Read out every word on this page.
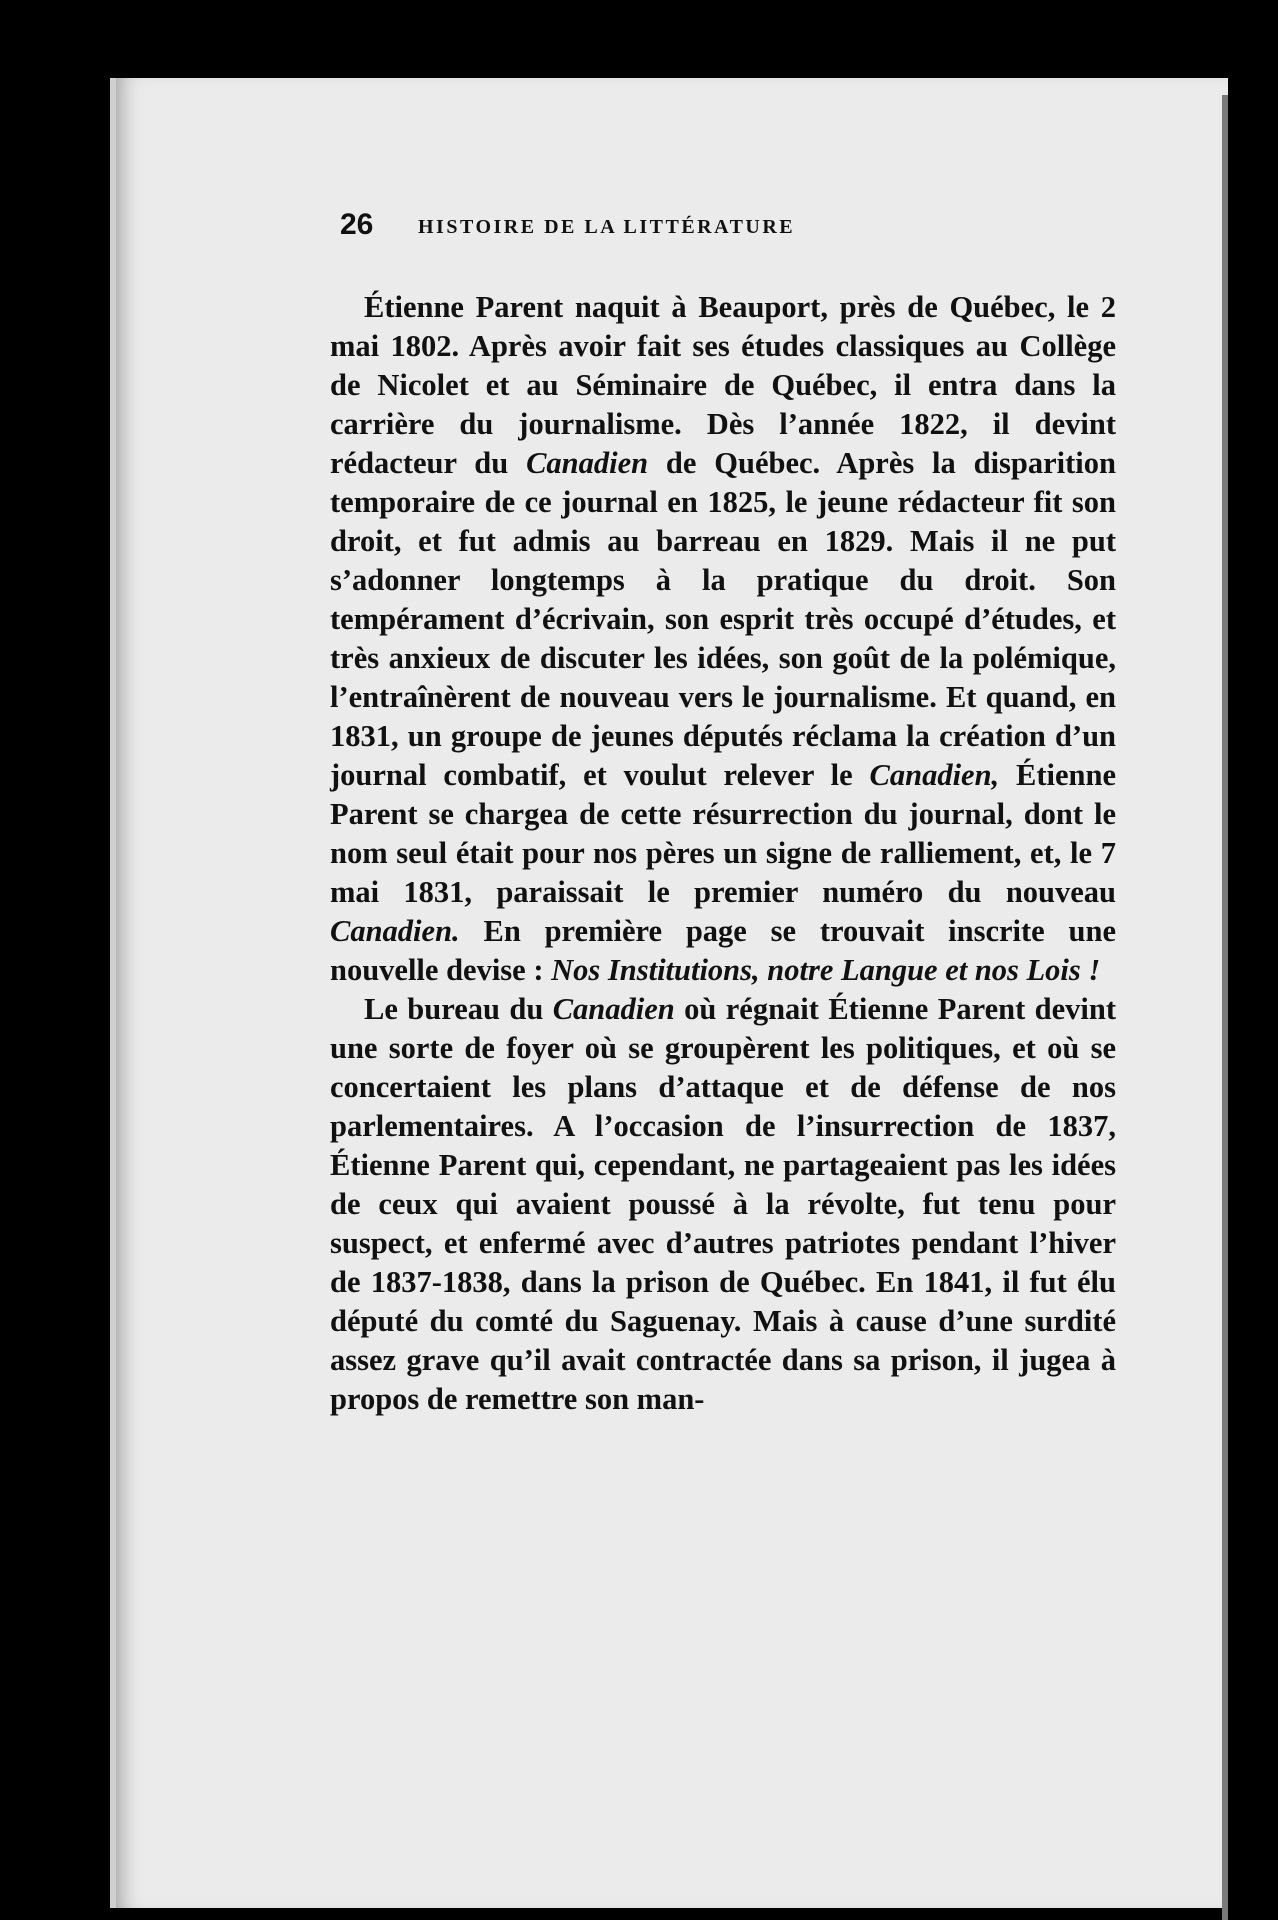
26 HISTOIRE DE LA LITTÉRATURE

Étienne Parent naquit à Beauport, près de Québec, le 2 mai 1802. Après avoir fait ses études classiques au Collège de Nicolet et au Séminaire de Québec, il entra dans la carrière du journalisme. Dès l’année 1822, il devint rédacteur du Canadien de Québec. Après la disparition temporaire de ce journal en 1825, le jeune rédacteur fit son droit, et fut admis au barreau en 1829. Mais il ne put s’adonner longtemps à la pratique du droit. Son tempérament d’écrivain, son esprit très occupé d’études, et très anxieux de discuter les idées, son goût de la polémique, l’entraînèrent de nouveau vers le journalisme. Et quand, en 1831, un groupe de jeunes députés réclama la création d’un journal combatif, et voulut relever le Canadien, Étienne Parent se chargea de cette résurrection du journal, dont le nom seul était pour nos pères un signe de ralliement, et, le 7 mai 1831, paraissait le premier numéro du nouveau Canadien. En première page se trouvait inscrite une nouvelle devise : Nos Institutions, notre Langue et nos Lois !

Le bureau du Canadien où régnait Étienne Parent devint une sorte de foyer où se groupèrent les politiques, et où se concertaient les plans d’attaque et de défense de nos parlementaires. A l’occasion de l’insurrection de 1837, Étienne Parent qui, cependant, ne partageaient pas les idées de ceux qui avaient poussé à la révolte, fut tenu pour suspect, et enfermé avec d’autres patriotes pendant l’hiver de 1837-1838, dans la prison de Québec. En 1841, il fut élu député du comté du Saguenay. Mais à cause d’une surdité assez grave qu’il avait contractée dans sa prison, il jugea à propos de remettre son man-
